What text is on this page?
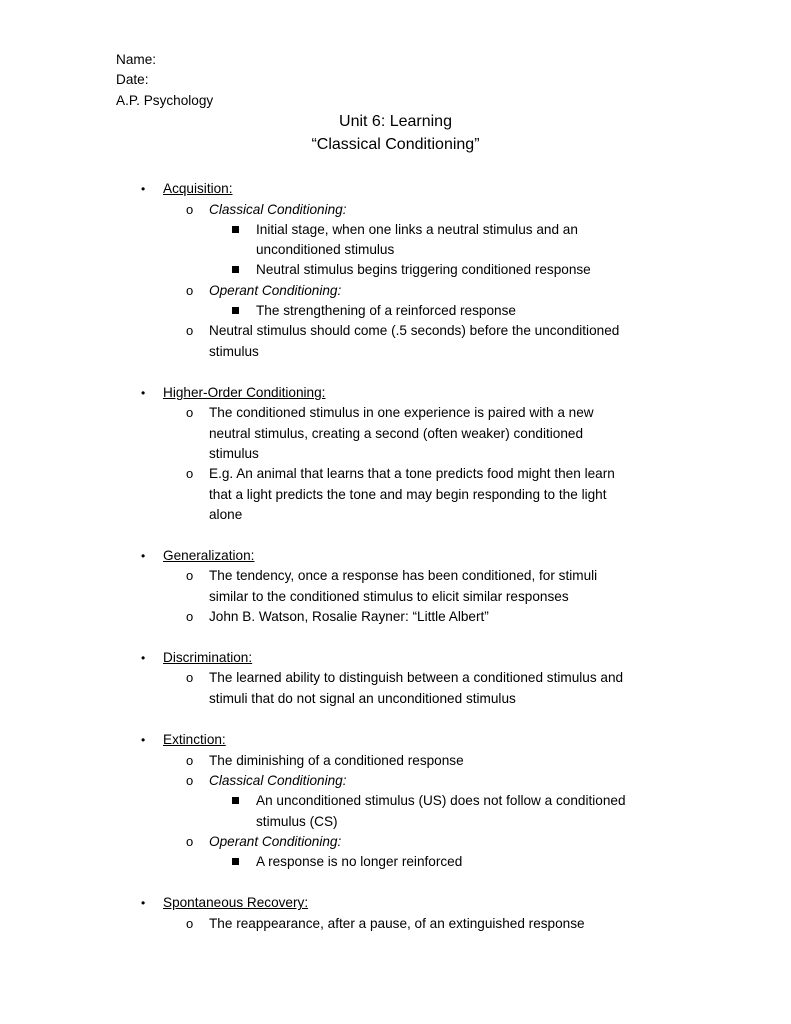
Name:
Date:
A.P. Psychology
Unit 6: Learning
“Classical Conditioning”
• Acquisition:
o Classical Conditioning:
Initial stage, when one links a neutral stimulus and an
unconditioned stimulus
Neutral stimulus begins triggering conditioned response
o Operant Conditioning:
The strengthening of a reinforced response
o Neutral stimulus should come (.5 seconds) before the unconditioned
stimulus
• Higher-Order Conditioning:
o The conditioned stimulus in one experience is paired with a new
neutral stimulus, creating a second (often weaker) conditioned
stimulus
o E.g. An animal that learns that a tone predicts food might then learn
that a light predicts the tone and may begin responding to the light
alone
• Generalization:
o The tendency, once a response has been conditioned, for stimuli
similar to the conditioned stimulus to elicit similar responses
o John B. Watson, Rosalie Rayner: “Little Albert”
• Discrimination:
o The learned ability to distinguish between a conditioned stimulus and
stimuli that do not signal an unconditioned stimulus
• Extinction:
o The diminishing of a conditioned response
o Classical Conditioning:
An unconditioned stimulus (US) does not follow a conditioned
stimulus (CS)
o Operant Conditioning:
A response is no longer reinforced
• Spontaneous Recovery:
o The reappearance, after a pause, of an extinguished response
